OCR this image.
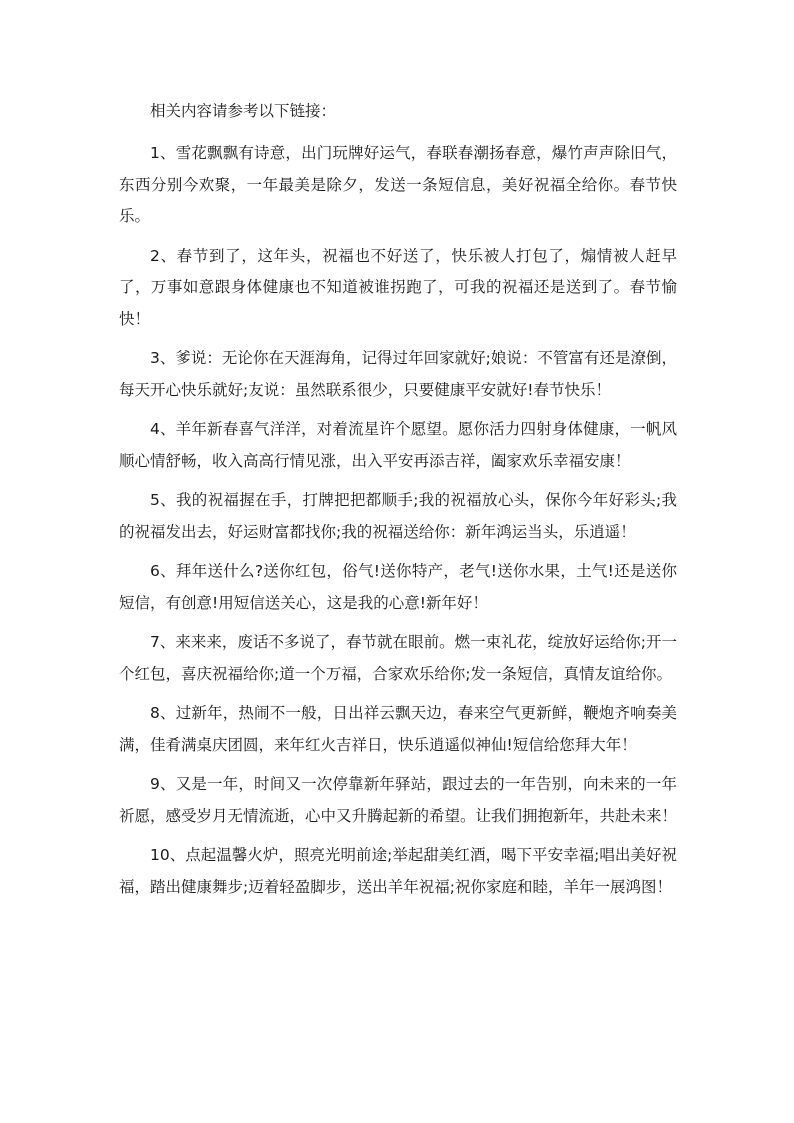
相关内容请参考以下链接：

1、雪花飘飘有诗意，出门玩牌好运气，春联春潮扬春意，爆竹声声除旧气，东西分别今欢聚，一年最美是除夕，发送一条短信息，美好祝福全给你。春节快乐。

2、春节到了，这年头，祝福也不好送了，快乐被人打包了，煽情被人赶早了，万事如意跟身体健康也不知道被谁拐跑了，可我的祝福还是送到了。春节愉快！

3、爹说：无论你在天涯海角，记得过年回家就好;娘说：不管富有还是潦倒，每天开心快乐就好;友说：虽然联系很少，只要健康平安就好!春节快乐！

4、羊年新春喜气洋洋，对着流星许个愿望。愿你活力四射身体健康，一帆风顺心情舒畅，收入高高行情见涨，出入平安再添吉祥，阖家欢乐幸福安康！

5、我的祝福握在手，打牌把把都顺手;我的祝福放心头，保你今年好彩头;我的祝福发出去，好运财富都找你;我的祝福送给你：新年鸿运当头，乐逍遥！

6、拜年送什么?送你红包，俗气!送你特产，老气!送你水果，土气!还是送你短信，有创意!用短信送关心，这是我的心意!新年好！

7、来来来，废话不多说了，春节就在眼前。燃一束礼花，绽放好运给你;开一个红包，喜庆祝福给你;道一个万福，合家欢乐给你;发一条短信，真情友谊给你。

8、过新年，热闹不一般，日出祥云飘天边，春来空气更新鲜，鞭炮齐响奏美满，佳肴满桌庆团圆，来年红火吉祥日，快乐逍遥似神仙!短信给您拜大年！

9、又是一年，时间又一次停靠新年驿站，跟过去的一年告别，向未来的一年祈愿，感受岁月无情流逝，心中又升腾起新的希望。让我们拥抱新年，共赴未来！

10、点起温馨火炉，照亮光明前途;举起甜美红酒，喝下平安幸福;唱出美好祝福，踏出健康舞步;迈着轻盈脚步，送出羊年祝福;祝你家庭和睦，羊年一展鸿图！
